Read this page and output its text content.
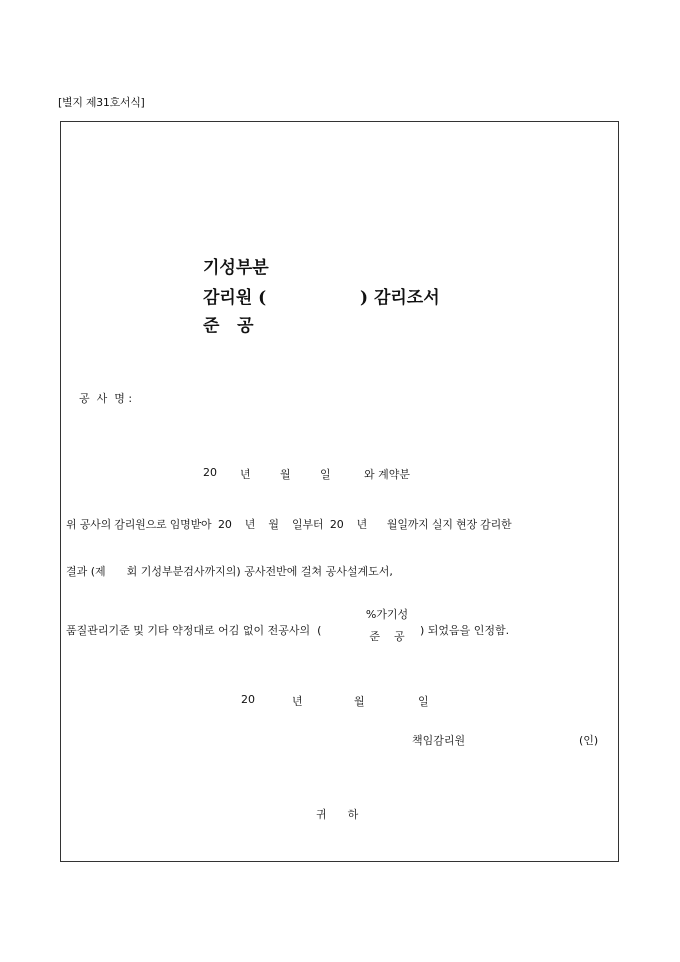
[별지 제31호서식]
기성부분
감리원 (	) 감리조서
준   공
공  사  명 :
20 년	월	일	와 계약분
위 공사의 감리원으로 임명받아  20    년    월    일부터  20    년      월일까지 실지 현장 감리한
결과 (제      회 기성부분검사까지의) 공사전반에 걸쳐 공사설계도서,
품질관리기준 및 기타 약정대로 어김 없이 전공사의  (
%가기성
준    공	) 되었음을 인정함.
20	년	월	일
책임감리원	(인)
귀      하
